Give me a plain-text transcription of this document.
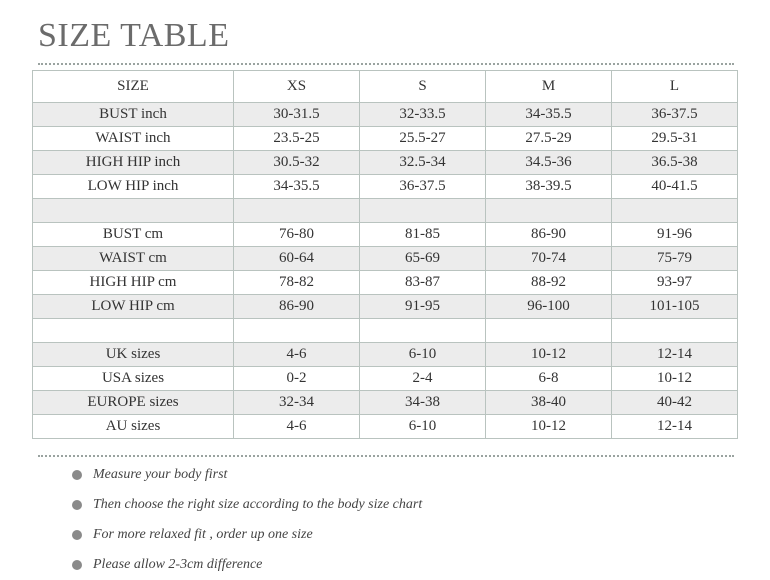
SIZE TABLE
SIZE	XS	S	M	L
BUST inch	30-31.5	32-33.5	34-35.5	36-37.5
WAIST inch	23.5-25	25.5-27	27.5-29	29.5-31
HIGH HIP inch	30.5-32	32.5-34	34.5-36	36.5-38
LOW HIP inch	34-35.5	36-37.5	38-39.5	40-41.5

BUST cm	76-80	81-85	86-90	91-96
WAIST cm	60-64	65-69	70-74	75-79
HIGH HIP cm	78-82	83-87	88-92	93-97
LOW HIP cm	86-90	91-95	96-100	101-105

UK sizes	4-6	6-10	10-12	12-14
USA sizes	0-2	2-4	6-8	10-12
EUROPE sizes	32-34	34-38	38-40	40-42
AU sizes	4-6	6-10	10-12	12-14
Measure your body first
Then choose the right size according to the body size chart
For more relaxed fit , order up one size
Please allow 2-3cm difference
